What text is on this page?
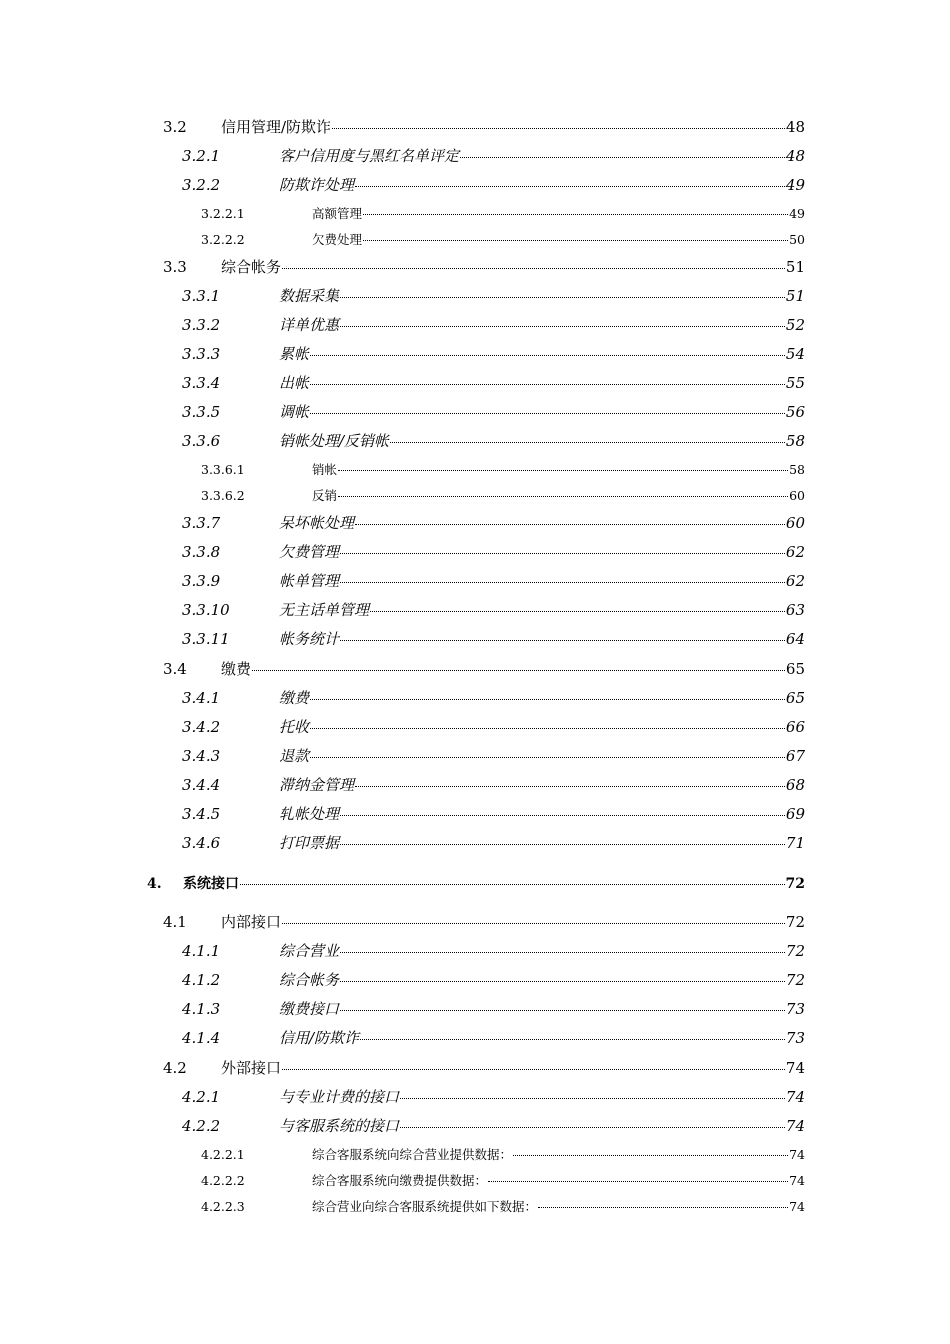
3.2	信用管理/防欺诈	48
3.2.1	客户信用度与黑红名单评定	48
3.2.2	防欺诈处理	49
3.2.2.1	高额管理	49
3.2.2.2	欠费处理	50
3.3	综合帐务	51
3.3.1	数据采集	51
3.3.2	详单优惠	52
3.3.3	累帐	54
3.3.4	出帐	55
3.3.5	调帐	56
3.3.6	销帐处理/反销帐	58
3.3.6.1	销帐	58
3.3.6.2	反销	60
3.3.7	呆坏帐处理	60
3.3.8	欠费管理	62
3.3.9	帐单管理	62
3.3.10	无主话单管理	63
3.3.11	帐务统计	64
3.4	缴费	65
3.4.1	缴费	65
3.4.2	托收	66
3.4.3	退款	67
3.4.4	滞纳金管理	68
3.4.5	轧帐处理	69
3.4.6	打印票据	71
4.	系统接口	72
4.1	内部接口	72
4.1.1	综合营业	72
4.1.2	综合帐务	72
4.1.3	缴费接口	73
4.1.4	信用/防欺诈	73
4.2	外部接口	74
4.2.1	与专业计费的接口	74
4.2.2	与客服系统的接口	74
4.2.2.1	综合客服系统向综合营业提供数据：	74
4.2.2.2	综合客服系统向缴费提供数据：	74
4.2.2.3	综合营业向综合客服系统提供如下数据：	74
